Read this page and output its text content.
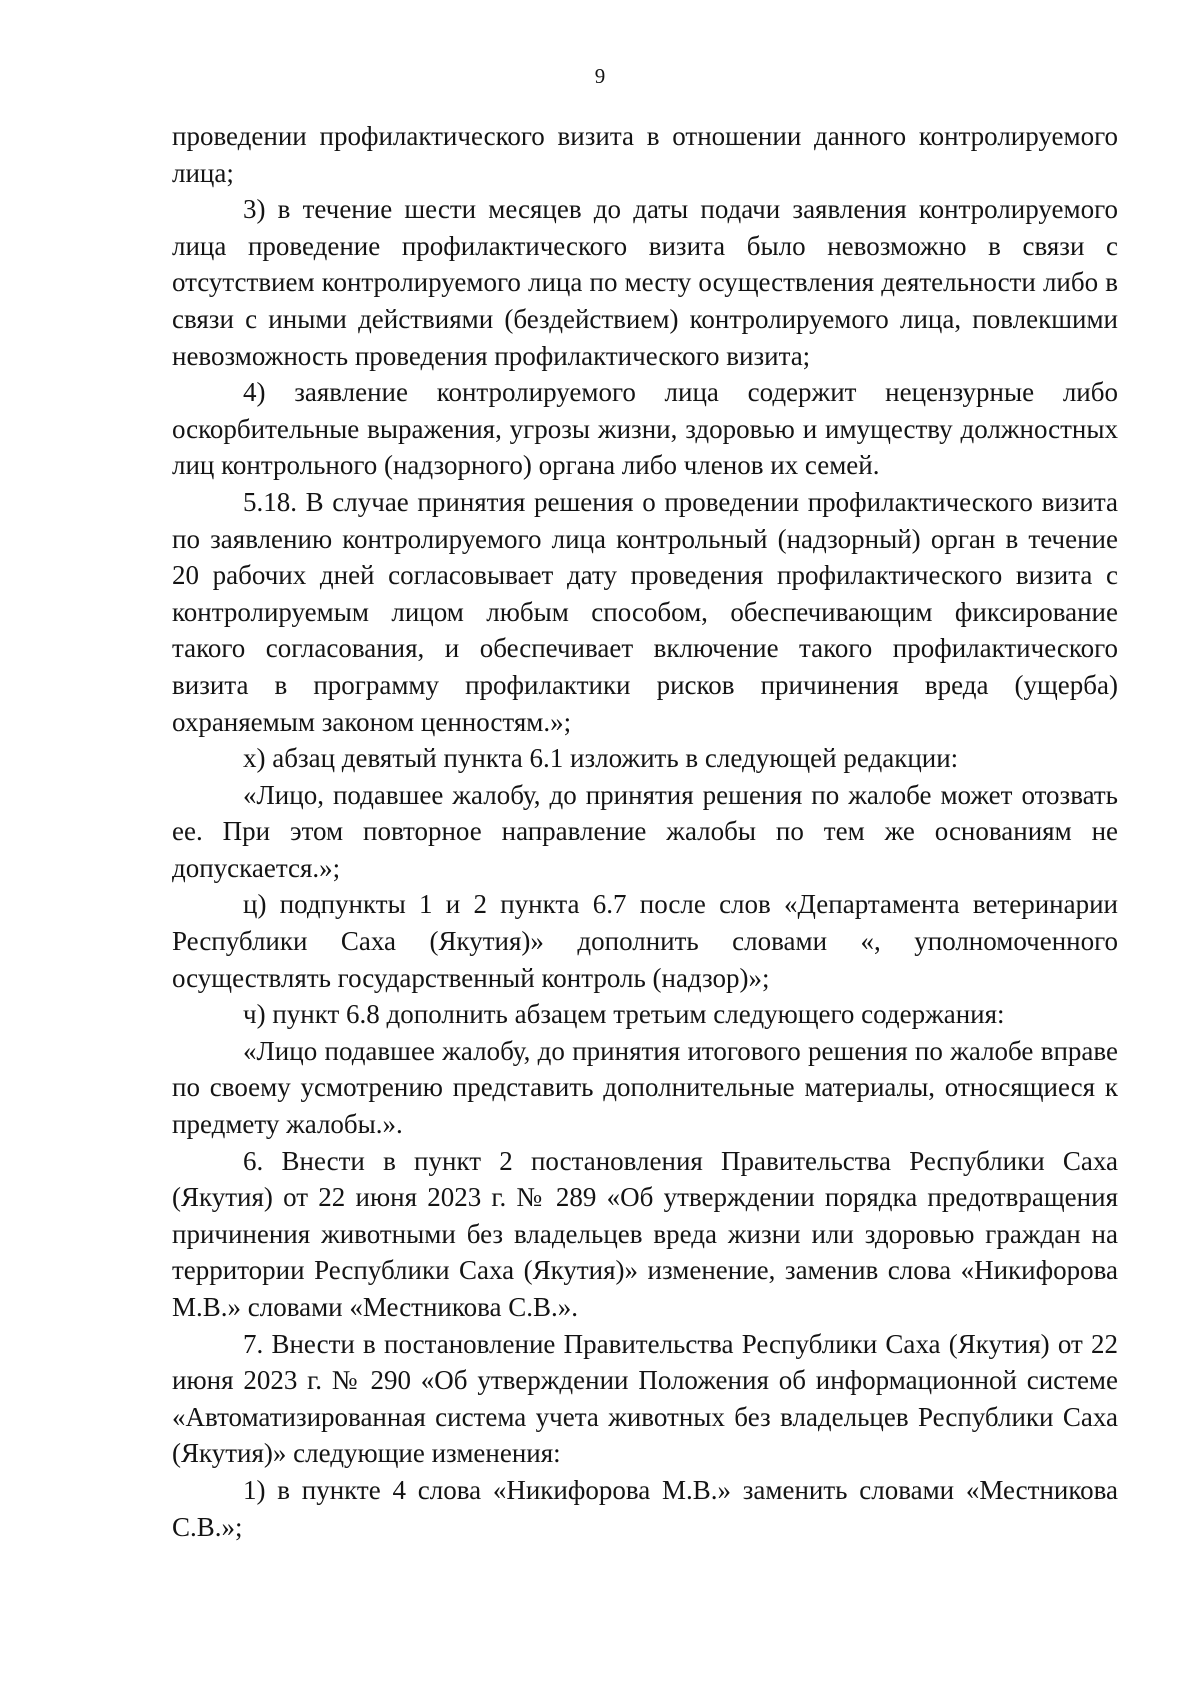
9

проведении профилактического визита в отношении данного контролируемого лица;

3) в течение шести месяцев до даты подачи заявления контролируемого лица проведение профилактического визита было невозможно в связи с отсутствием контролируемого лица по месту осуществления деятельности либо в связи с иными действиями (бездействием) контролируемого лица, повлекшими невозможность проведения профилактического визита;

4) заявление контролируемого лица содержит нецензурные либо оскорбительные выражения, угрозы жизни, здоровью и имуществу должностных лиц контрольного (надзорного) органа либо членов их семей.

5.18. В случае принятия решения о проведении профилактического визита по заявлению контролируемого лица контрольный (надзорный) орган в течение 20 рабочих дней согласовывает дату проведения профилактического визита с контролируемым лицом любым способом, обеспечивающим фиксирование такого согласования, и обеспечивает включение такого профилактического визита в программу профилактики рисков причинения вреда (ущерба) охраняемым законом ценностям.»;

х) абзац девятый пункта 6.1 изложить в следующей редакции:

«Лицо, подавшее жалобу, до принятия решения по жалобе может отозвать ее. При этом повторное направление жалобы по тем же основаниям не допускается.»;

ц) подпункты 1 и 2 пункта 6.7 после слов «Департамента ветеринарии Республики Саха (Якутия)» дополнить словами «, уполномоченного осуществлять государственный контроль (надзор)»;

ч) пункт 6.8 дополнить абзацем третьим следующего содержания:

«Лицо подавшее жалобу, до принятия итогового решения по жалобе вправе по своему усмотрению представить дополнительные материалы, относящиеся к предмету жалобы.».

6. Внести в пункт 2 постановления Правительства Республики Саха (Якутия) от 22 июня 2023 г. № 289 «Об утверждении порядка предотвращения причинения животными без владельцев вреда жизни или здоровью граждан на территории Республики Саха (Якутия)» изменение, заменив слова «Никифорова М.В.» словами «Местникова С.В.».

7. Внести в постановление Правительства Республики Саха (Якутия) от 22 июня 2023 г. № 290 «Об утверждении Положения об информационной системе «Автоматизированная система учета животных без владельцев Республики Саха (Якутия)» следующие изменения:

1) в пункте 4 слова «Никифорова М.В.» заменить словами «Местникова С.В.»;
